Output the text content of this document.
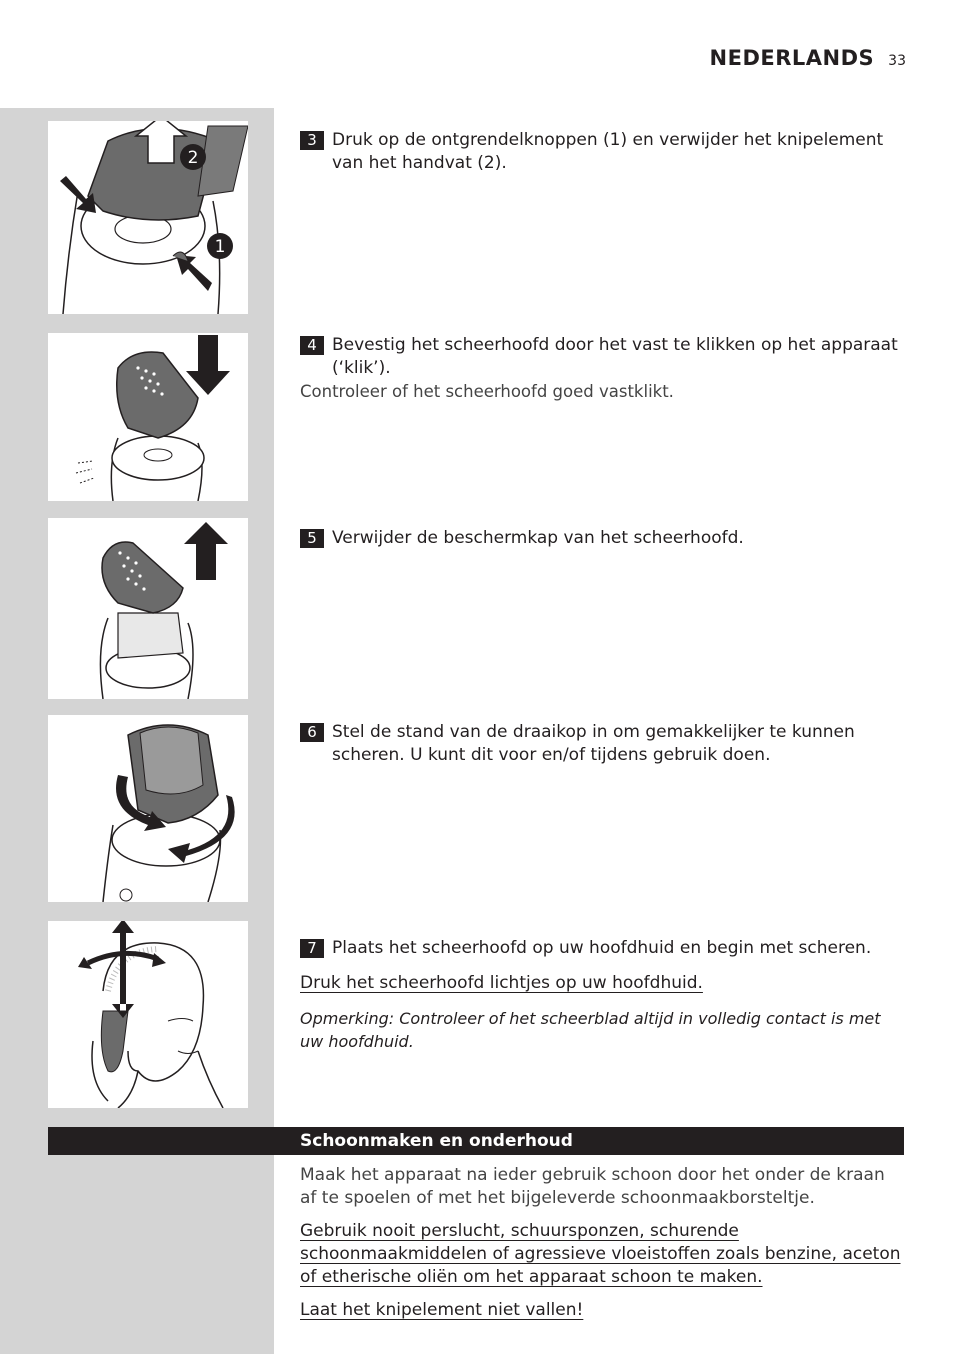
NEDERLANDS 33
2
1
3 Druk op de ontgrendelknoppen (1) en verwijder het knipelement van het handvat (2).
4 Bevestig het scheerhoofd door het vast te klikken op het apparaat (‘klik’).
Controleer of het scheerhoofd goed vastklikt.
5 Verwijder de beschermkap van het scheerhoofd.
6 Stel de stand van de draaikop in om gemakkelijker te kunnen scheren. U kunt dit voor en/of tijdens gebruik doen.
7 Plaats het scheerhoofd op uw hoofdhuid en begin met scheren.
Druk het scheerhoofd lichtjes op uw hoofdhuid.
Opmerking: Controleer of het scheerblad altijd in volledig contact is met uw hoofdhuid.
Schoonmaken en onderhoud

Maak het apparaat na ieder gebruik schoon door het onder de kraan af te spoelen of met het bijgeleverde schoonmaakborsteltje.

Gebruik nooit perslucht, schuursponzen, schurende schoonmaakmiddelen of agressieve vloeistoffen zoals benzine, aceton of etherische oliën om het apparaat schoon te maken.

Laat het knipelement niet vallen!
